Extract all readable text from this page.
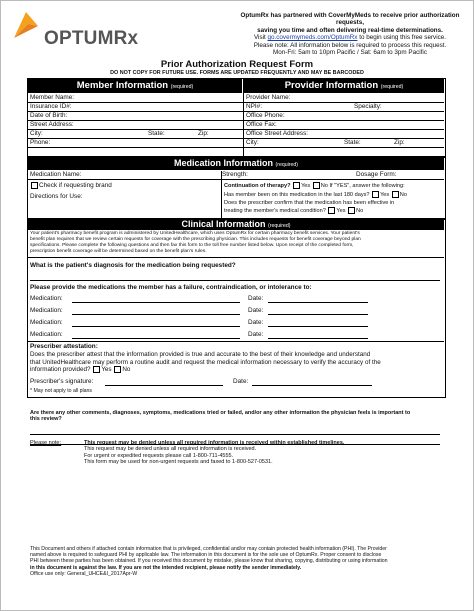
OPTUMRx
OptumRx has partnered with CoverMyMeds to receive prior authorization requests,
saving you time and often delivering real-time determinations.
Visit go.covermymeds.com/OptumRx to begin using this free service.
Please note: All information below is required to process this request.
Mon-Fri: 5am to 10pm Pacific / Sat: 6am to 3pm Pacific
Prior Authorization Request Form
DO NOT COPY FOR FUTURE USE. FORMS ARE UPDATED FREQUENTLY AND MAY BE BARCODED
Member Information (required)	Provider Information (required)
Member Name:
Insurance ID#:
Date of Birth:
Street Address:
City:	State:	Zip:
Phone:
Provider Name:
NPI#:	Specialty:
Office Phone:
Office Fax:
Office Street Address:
City:	State:	Zip:
Medication Information (required)
Medication Name:	Strength:	Dosage Form:
Check if requesting brand
Directions for Use:
Continuation of therapy? Yes No If "YES", answer the following:
Has member been on this medication in the last 180 days? Yes No
Does the prescriber confirm that the medication has been effective in
treating the member's medical condition? Yes No
Clinical Information (required)
Your patient's pharmacy benefit program is administered by UnitedHealthcare, which uses OptumRx for certain pharmacy benefit services. Your patient's
benefit plan requires that we review certain requests for coverage with the prescribing physician. This includes requests for benefit coverage beyond plan
specifications. Please complete the following questions and then fax this form to the toll free number listed below. Upon receipt of the completed form,
prescription benefit coverage will be determined based on the benefit plan's rules.
What is the patient's diagnosis for the medication being requested?
Please provide the medications the member has a failure, contraindication, or intolerance to:
Medication:	Date:
Medication:	Date:
Medication:	Date:
Medication:	Date:
Prescriber attestation:
Does the prescriber attest that the information provided is true and accurate to the best of their knowledge and understand
that UnitedHealthcare may perform a routine audit and request the medical information necessary to verify the accuracy of the
information provided? Yes No
Prescriber's signature:	Date:
* May not apply to all plans
Are there any other comments, diagnoses, symptoms, medications tried or failed, and/or any other information the physician feels is important to
this review?
Please note:	This request may be denied unless all required information is received within established timelines.
This request may be denied unless all required information is received.
For urgent or expedited requests please call 1-800-711-4555.
This form may be used for non-urgent requests and faxed to 1-800-527-0531.
This Document and others if attached contain information that is privileged, confidential and/or may contain protected health information (PHI). The Provider
named above is required to safeguard PHI by applicable law. The information in this document is for the sole use of OptumRx. Proper consent to disclose
PHI between these parties has been obtained. If you received this document by mistake, please know that sharing, copying, distributing or using information
in this document is against the law. If you are not the intended recipient, please notify the sender immediately.
Office use only: General_UHCE&I_2017Apr-W
